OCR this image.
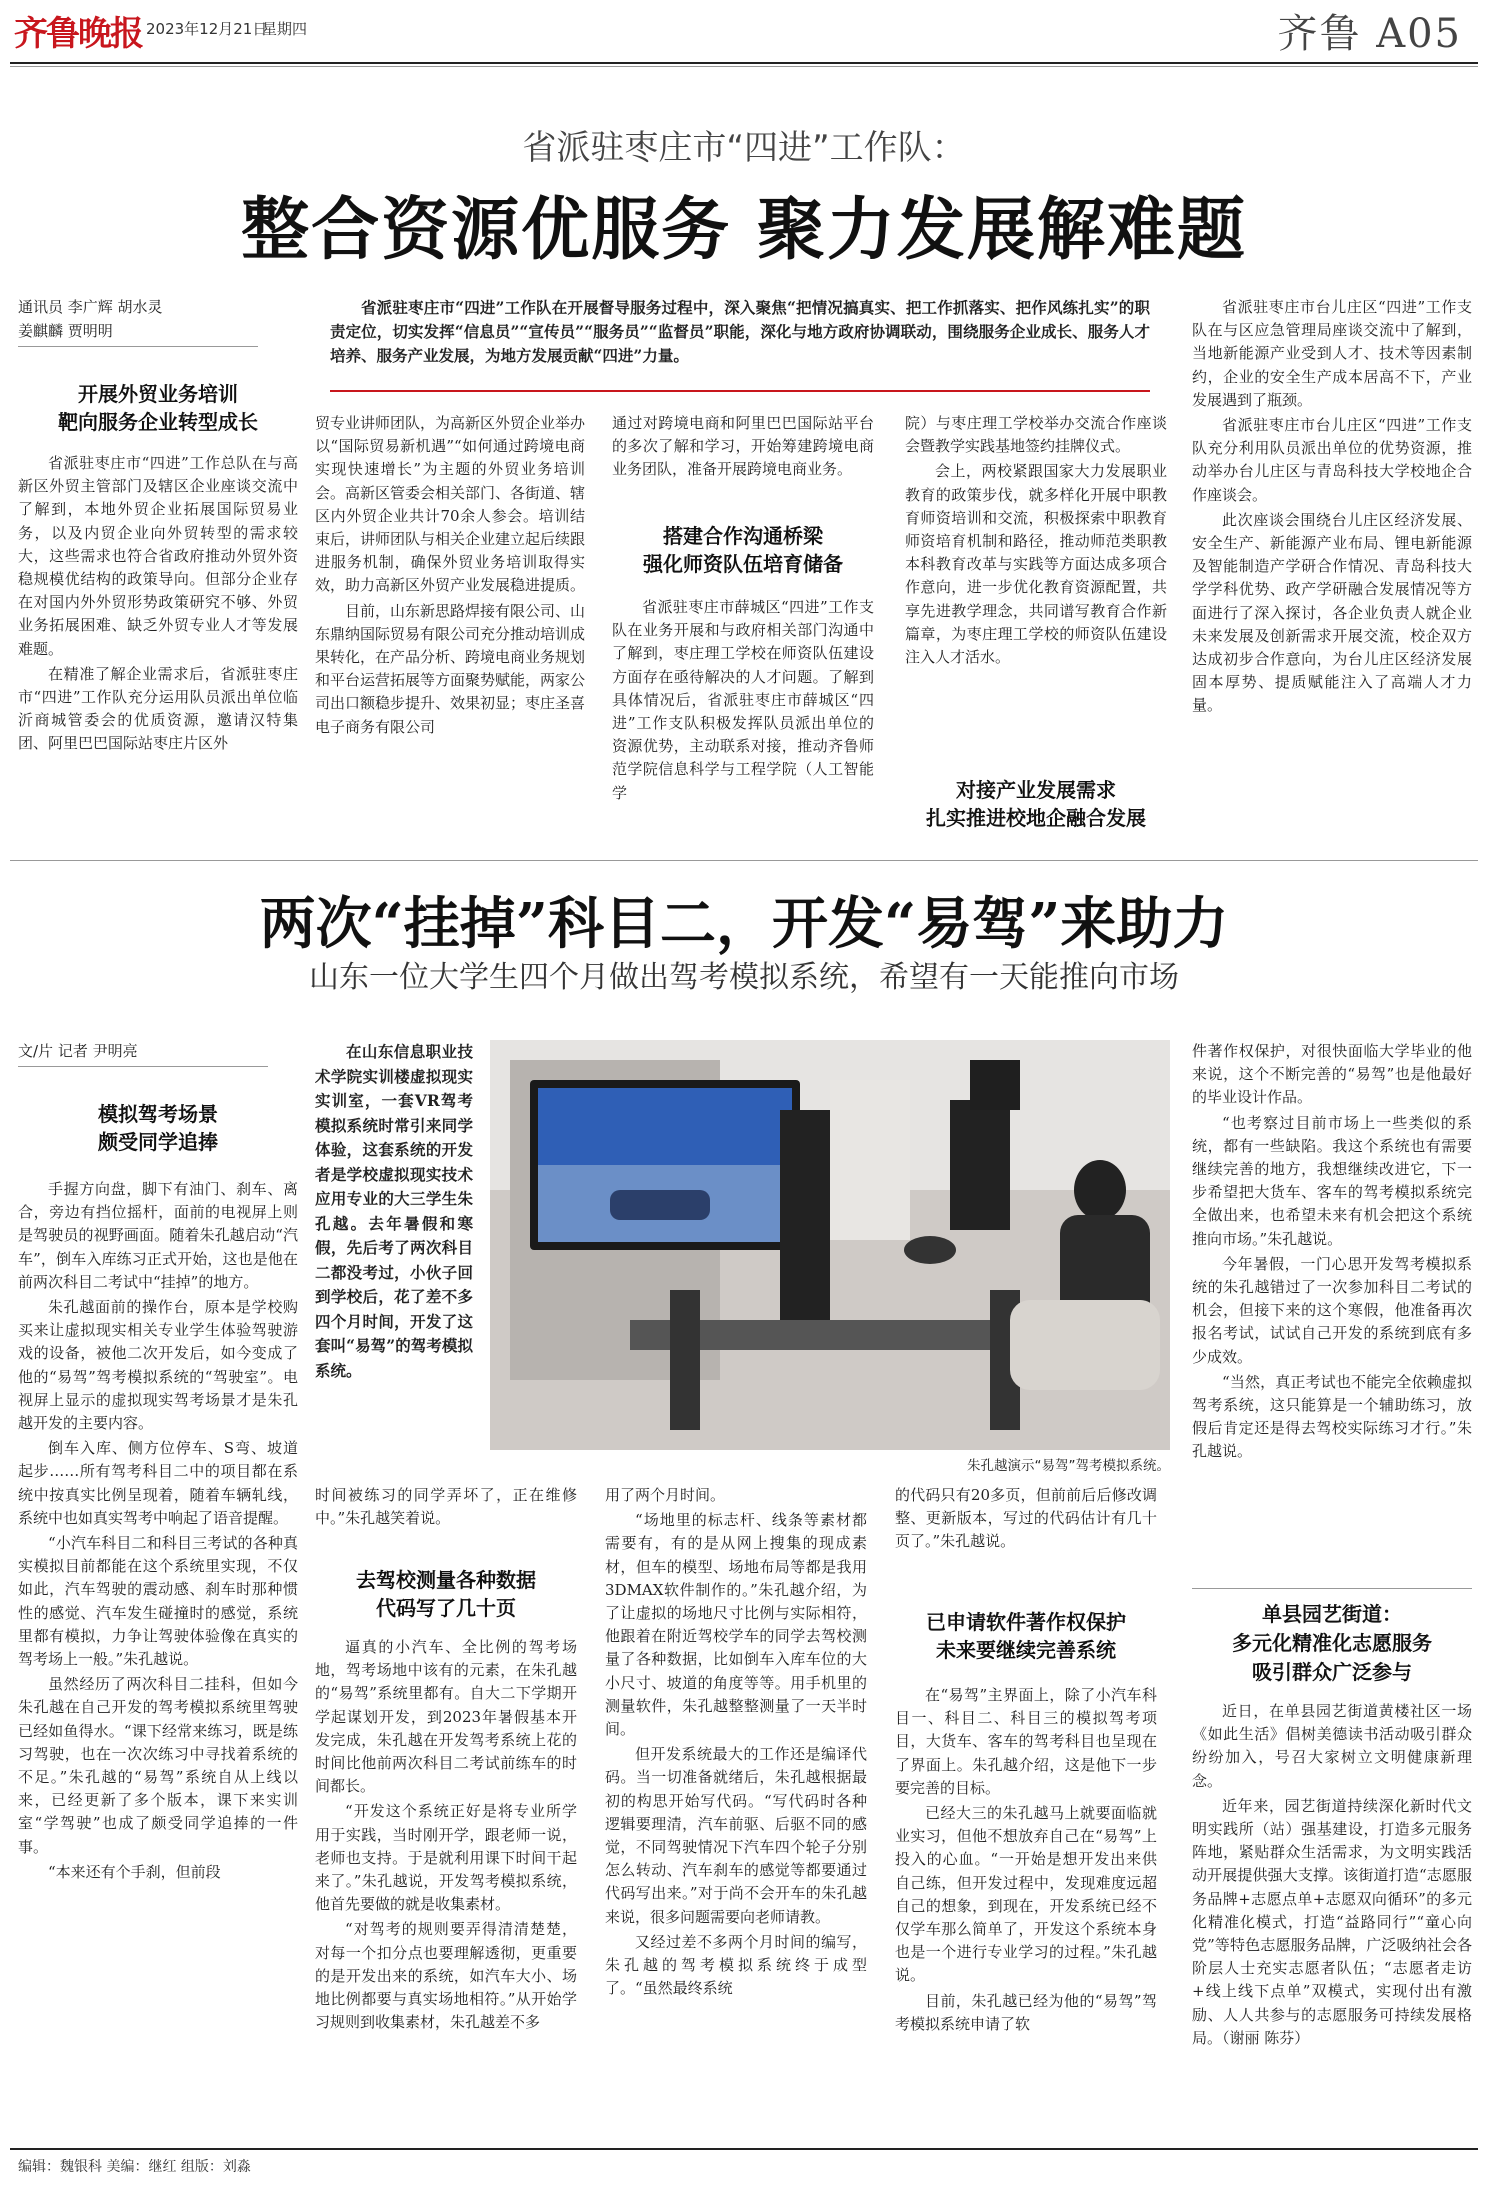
齐鲁晚报 2023年12月21日
星期四	齐鲁 A05
省派驻枣庄市“四进”工作队：
整合资源优服务 聚力发展解难题
通讯员 李广辉 胡水灵
姜麒麟 贾明明
省派驻枣庄市“四进”工作队在开展督导服务过程中，深入聚焦“把情况搞真实、把工作抓落实、把作风练扎实”的职责定位，切实发挥“信息员”“宣传员”“服务员”“监督员”职能，深化与地方政府协调联动，围绕服务企业成长、服务人才培养、服务产业发展，为地方发展贡献“四进”力量。
开展外贸业务培训
靶向服务企业转型成长

省派驻枣庄市“四进”工作总队在与高新区外贸主管部门及辖区企业座谈交流中了解到，本地外贸企业拓展国际贸易业务，以及内贸企业向外贸转型的需求较大，这些需求也符合省政府推动外贸外资稳规模优结构的政策导向。但部分企业存在对国内外外贸形势政策研究不够、外贸业务拓展困难、缺乏外贸专业人才等发展难题。

在精准了解企业需求后，省派驻枣庄市“四进”工作队充分运用队员派出单位临沂商城管委会的优质资源，邀请汉特集团、阿里巴巴国际站枣庄片区外

贸专业讲师团队，为高新区外贸企业举办以“国际贸易新机遇”“如何通过跨境电商实现快速增长”为主题的外贸业务培训会。高新区管委会相关部门、各街道、辖区内外贸企业共计70余人参会。培训结束后，讲师团队与相关企业建立起后续跟进服务机制，确保外贸业务培训取得实效，助力高新区外贸产业发展稳进提质。

目前，山东新思路焊接有限公司、山东鼎纳国际贸易有限公司充分推动培训成果转化，在产品分析、跨境电商业务规划和平台运营拓展等方面聚势赋能，两家公司出口额稳步提升、效果初显；枣庄圣喜电子商务有限公司

通过对跨境电商和阿里巴巴国际站平台的多次了解和学习，开始筹建跨境电商业务团队，准备开展跨境电商业务。

搭建合作沟通桥梁
强化师资队伍培育储备

省派驻枣庄市薛城区“四进”工作支队在业务开展和与政府相关部门沟通中了解到，枣庄理工学校在师资队伍建设方面存在亟待解决的人才问题。了解到具体情况后，省派驻枣庄市薛城区“四进”工作支队积极发挥队员派出单位的资源优势，主动联系对接，推动齐鲁师范学院信息科学与工程学院（人工智能学

院）与枣庄理工学校举办交流合作座谈会暨教学实践基地签约挂牌仪式。

会上，两校紧跟国家大力发展职业教育的政策步伐，就多样化开展中职教育师资培训和交流，积极探索中职教育师资培育机制和路径，推动师范类职教本科教育改革与实践等方面达成多项合作意向，进一步优化教育资源配置，共享先进教学理念，共同谱写教育合作新篇章，为枣庄理工学校的师资队伍建设注入人才活水。

对接产业发展需求
扎实推进校地企融合发展

省派驻枣庄市台儿庄区“四进”工作支队在与区应急管理局座谈交流中了解到，当地新能源产业受到人才、技术等因素制约，企业的安全生产成本居高不下，产业发展遇到了瓶颈。

省派驻枣庄市台儿庄区“四进”工作支队充分利用队员派出单位的优势资源，推动举办台儿庄区与青岛科技大学校地企合作座谈会。

此次座谈会围绕台儿庄区经济发展、安全生产、新能源产业布局、锂电新能源及智能制造产学研合作情况、青岛科技大学学科优势、政产学研融合发展情况等方面进行了深入探讨，各企业负责人就企业未来发展及创新需求开展交流，校企双方达成初步合作意向，为台儿庄区经济发展固本厚势、提质赋能注入了高端人才力量。

两次“挂掉”科目二，开发“易驾”来助力
山东一位大学生四个月做出驾考模拟系统，希望有一天能推向市场
文/片 记者 尹明亮
模拟驾考场景
颇受同学追捧

手握方向盘，脚下有油门、刹车、离合，旁边有挡位摇杆，面前的电视屏上则是驾驶员的视野画面。随着朱孔越启动“汽车”，倒车入库练习正式开始，这也是他在前两次科目二考试中“挂掉”的地方。

朱孔越面前的操作台，原本是学校购买来让虚拟现实相关专业学生体验驾驶游戏的设备，被他二次开发后，如今变成了他的“易驾”驾考模拟系统的“驾驶室”。电视屏上显示的虚拟现实驾考场景才是朱孔越开发的主要内容。

倒车入库、侧方位停车、S弯、坡道起步……所有驾考科目二中的项目都在系统中按真实比例呈现着，随着车辆轧线，系统中也如真实驾考中响起了语音提醒。

“小汽车科目二和科目三考试的各种真实模拟目前都能在这个系统里实现，不仅如此，汽车驾驶的震动感、刹车时那种惯性的感觉、汽车发生碰撞时的感觉，系统里都有模拟，力争让驾驶体验像在真实的驾考场上一般。”朱孔越说。

虽然经历了两次科目二挂科，但如今朱孔越在自己开发的驾考模拟系统里驾驶已经如鱼得水。“课下经常来练习，既是练习驾驶，也在一次次练习中寻找着系统的不足。”朱孔越的“易驾”系统自从上线以来，已经更新了多个版本，课下来实训室“学驾驶”也成了颇受同学追捧的一件事。

“本来还有个手刹，但前段

在山东信息职业技术学院实训楼虚拟现实实训室，一套VR驾考模拟系统时常引来同学体验，这套系统的开发者是学校虚拟现实技术应用专业的大三学生朱孔越。去年暑假和寒假，先后考了两次科目二都没考过，小伙子回到学校后，花了差不多四个月时间，开发了这套叫“易驾”的驾考模拟系统。
朱孔越演示“易驾”驾考模拟系统。

时间被练习的同学弄坏了，正在维修中。”朱孔越笑着说。

去驾校测量各种数据
代码写了几十页

逼真的小汽车、全比例的驾考场地，驾考场地中该有的元素，在朱孔越的“易驾”系统里都有。自大二下学期开学起谋划开发，到2023年暑假基本开发完成，朱孔越在开发驾考系统上花的时间比他前两次科目二考试前练车的时间都长。

“开发这个系统正好是将专业所学用于实践，当时刚开学，跟老师一说，老师也支持。于是就利用课下时间干起来了。”朱孔越说，开发驾考模拟系统，他首先要做的就是收集素材。

“对驾考的规则要弄得清清楚楚，对每一个扣分点也要理解透彻，更重要的是开发出来的系统，如汽车大小、场地比例都要与真实场地相符。”从开始学习规则到收集素材，朱孔越差不多

用了两个月时间。

“场地里的标志杆、线条等素材都需要有，有的是从网上搜集的现成素材，但车的模型、场地布局等都是我用3DMAX软件制作的。”朱孔越介绍，为了让虚拟的场地尺寸比例与实际相符，他跟着在附近驾校学车的同学去驾校测量了各种数据，比如倒车入库车位的大小尺寸、坡道的角度等等。用手机里的测量软件，朱孔越整整测量了一天半时间。

但开发系统最大的工作还是编译代码。当一切准备就绪后，朱孔越根据最初的构思开始写代码。“写代码时各种逻辑要理清，汽车前驱、后驱不同的感觉，不同驾驶情况下汽车四个轮子分别怎么转动、汽车刹车的感觉等都要通过代码写出来。”对于尚不会开车的朱孔越来说，很多问题需要向老师请教。

又经过差不多两个月时间的编写，朱孔越的驾考模拟系统终于成型了。“虽然最终系统

的代码只有20多页，但前前后后修改调整、更新版本，写过的代码估计有几十页了。”朱孔越说。

已申请软件著作权保护
未来要继续完善系统

在“易驾”主界面上，除了小汽车科目一、科目二、科目三的模拟驾考项目，大货车、客车的驾考科目也呈现在了界面上。朱孔越介绍，这是他下一步要完善的目标。

已经大三的朱孔越马上就要面临就业实习，但他不想放弃自己在“易驾”上投入的心血。“一开始是想开发出来供自己练，但开发过程中，发现难度远超自己的想象，到现在，开发系统已经不仅学车那么简单了，开发这个系统本身也是一个进行专业学习的过程。”朱孔越说。

目前，朱孔越已经为他的“易驾”驾考模拟系统申请了软

件著作权保护，对很快面临大学毕业的他来说，这个不断完善的“易驾”也是他最好的毕业设计作品。

“也考察过目前市场上一些类似的系统，都有一些缺陷。我这个系统也有需要继续完善的地方，我想继续改进它，下一步希望把大货车、客车的驾考模拟系统完全做出来，也希望未来有机会把这个系统推向市场。”朱孔越说。

今年暑假，一门心思开发驾考模拟系统的朱孔越错过了一次参加科目二考试的机会，但接下来的这个寒假，他准备再次报名考试，试试自己开发的系统到底有多少成效。

“当然，真正考试也不能完全依赖虚拟驾考系统，这只能算是一个辅助练习，放假后肯定还是得去驾校实际练习才行。”朱孔越说。

单县园艺街道：
多元化精准化志愿服务
吸引群众广泛参与

近日，在单县园艺街道黄楼社区一场《如此生活》倡树美德读书活动吸引群众纷纷加入，号召大家树立文明健康新理念。

近年来，园艺街道持续深化新时代文明实践所（站）强基建设，打造多元服务阵地，紧贴群众生活需求，为文明实践活动开展提供强大支撑。该街道打造“志愿服务品牌+志愿点单+志愿双向循环”的多元化精准化模式，打造“益路同行”“童心向党”等特色志愿服务品牌，广泛吸纳社会各阶层人士充实志愿者队伍；“志愿者走访+线上线下点单”双模式，实现付出有激励、人人共参与的志愿服务可持续发展格局。（谢丽 陈芬）

编辑：魏银科 美编：继红 组版：刘淼
